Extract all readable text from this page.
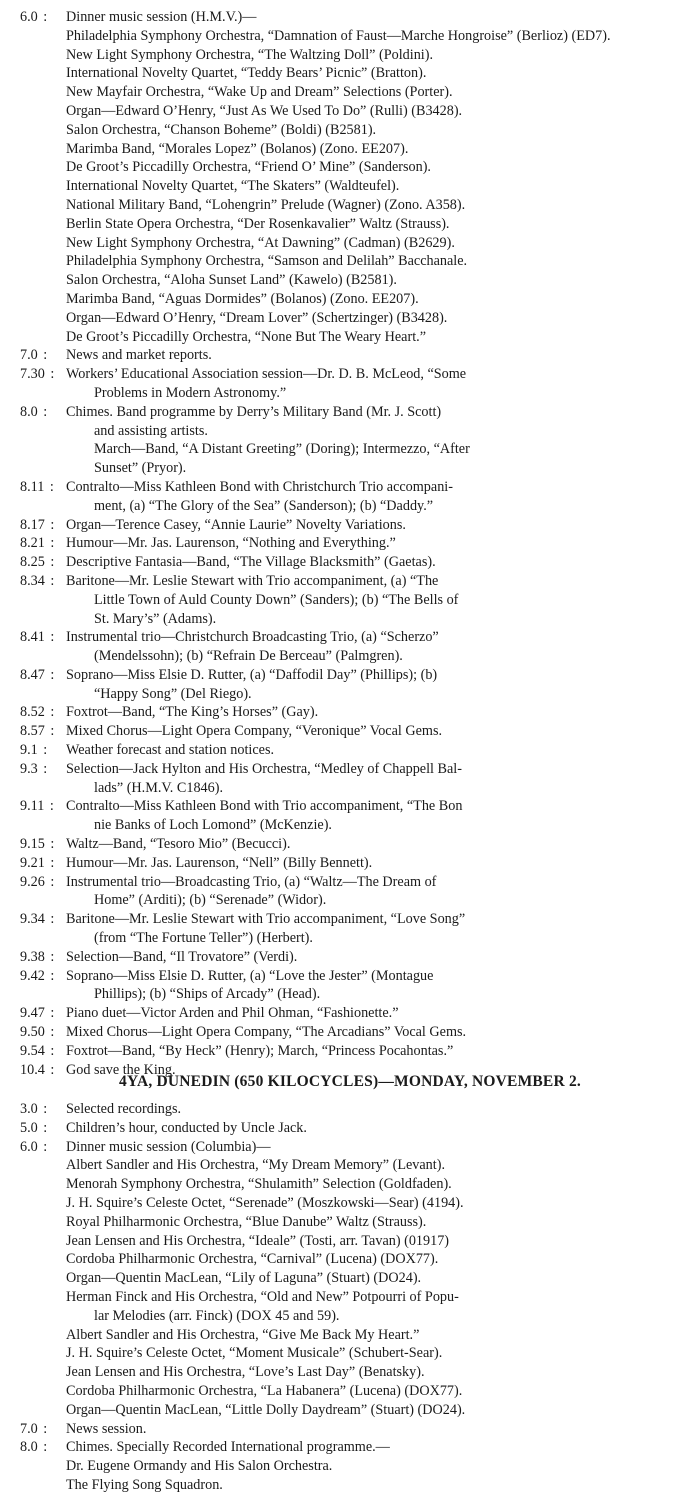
6.0 :	Dinner music session (H.M.V.)—
Philadelphia Symphony Orchestra, “Damnation of Faust—Marche Hongroise” (Berlioz) (ED7).
New Light Symphony Orchestra, “The Waltzing Doll” (Poldini).
International Novelty Quartet, “Teddy Bears’ Picnic” (Bratton).
New Mayfair Orchestra, “Wake Up and Dream” Selections (Porter).
Organ—Edward O’Henry, “Just As We Used To Do” (Rulli) (B3428).
Salon Orchestra, “Chanson Boheme” (Boldi) (B2581).
Marimba Band, “Morales Lopez” (Bolanos) (Zono. EE207).
De Groot’s Piccadilly Orchestra, “Friend O’ Mine” (Sanderson).
International Novelty Quartet, “The Skaters” (Waldteufel).
National Military Band, “Lohengrin” Prelude (Wagner) (Zono. A358).
Berlin State Opera Orchestra, “Der Rosenkavalier” Waltz (Strauss).
New Light Symphony Orchestra, “At Dawning” (Cadman) (B2629).
Philadelphia Symphony Orchestra, “Samson and Delilah” Bacchanale.
Salon Orchestra, “Aloha Sunset Land” (Kawelo) (B2581).
Marimba Band, “Aguas Dormides” (Bolanos) (Zono. EE207).
Organ—Edward O’Henry, “Dream Lover” (Schertzinger) (B3428).
De Groot’s Piccadilly Orchestra, “None But The Weary Heart.”
7.0 :	News and market reports.
7.30 : Workers’ Educational Association session—Dr. D. B. McLeod, “Some
Problems in Modern Astronomy.”
8.0 :	Chimes. Band programme by Derry’s Military Band (Mr. J. Scott)
and assisting artists.
March—Band, “A Distant Greeting” (Doring); Intermezzo, “After
Sunset” (Pryor).
8.11 : Contralto—Miss Kathleen Bond with Christchurch Trio accompani-
ment, (a) “The Glory of the Sea” (Sanderson); (b) “Daddy.”
8.17 : Organ—Terence Casey, “Annie Laurie” Novelty Variations.
8.21 : Humour—Mr. Jas. Laurenson, “Nothing and Everything.”
8.25 : Descriptive Fantasia—Band, “The Village Blacksmith” (Gaetas).
8.34 : Baritone—Mr. Leslie Stewart with Trio accompaniment, (a) “The
Little Town of Auld County Down” (Sanders); (b) “The Bells of
St. Mary’s” (Adams).
8.41 : Instrumental trio—Christchurch Broadcasting Trio, (a) “Scherzo”
(Mendelssohn); (b) “Refrain De Berceau” (Palmgren).
8.47 : Soprano—Miss Elsie D. Rutter, (a) “Daffodil Day” (Phillips); (b)
“Happy Song” (Del Riego).
8.52 : Foxtrot—Band, “The King’s Horses” (Gay).
8.57 : Mixed Chorus—Light Opera Company, “Veronique” Vocal Gems.
9.1 :	Weather forecast and station notices.
9.3 :	Selection—Jack Hylton and His Orchestra, “Medley of Chappell Bal-
lads” (H.M.V. C1846).
9.11 : Contralto—Miss Kathleen Bond with Trio accompaniment, “The Bon
nie Banks of Loch Lomond” (McKenzie).
9.15 : Waltz—Band, “Tesoro Mio” (Becucci).
9.21 : Humour—Mr. Jas. Laurenson, “Nell” (Billy Bennett).
9.26 : Instrumental trio—Broadcasting Trio, (a) “Waltz—The Dream of
Home” (Arditi); (b) “Serenade” (Widor).
9.34 : Baritone—Mr. Leslie Stewart with Trio accompaniment, “Love Song”
(from “The Fortune Teller”) (Herbert).
9.38 : Selection—Band, “Il Trovatore” (Verdi).
9.42 : Soprano—Miss Elsie D. Rutter, (a) “Love the Jester” (Montague
Phillips); (b) “Ships of Arcady” (Head).
9.47 : Piano duet—Victor Arden and Phil Ohman, “Fashionette.”
9.50 : Mixed Chorus—Light Opera Company, “The Arcadians” Vocal Gems.
9.54 : Foxtrot—Band, “By Heck” (Henry); March, “Princess Pocahontas.”
10.4 : God save the King.
4YA, DUNEDIN (650 KILOCYCLES)—MONDAY, NOVEMBER 2.
3.0 :	Selected recordings.
5.0 :	Children’s hour, conducted by Uncle Jack.
6.0 :	Dinner music session (Columbia)—
Albert Sandler and His Orchestra, “My Dream Memory” (Levant).
Menorah Symphony Orchestra, “Shulamith” Selection (Goldfaden).
J. H. Squire’s Celeste Octet, “Serenade” (Moszkowski—Sear) (4194).
Royal Philharmonic Orchestra, “Blue Danube” Waltz (Strauss).
Jean Lensen and His Orchestra, “Ideale” (Tosti, arr. Tavan) (01917)
Cordoba Philharmonic Orchestra, “Carnival” (Lucena) (DOX77).
Organ—Quentin MacLean, “Lily of Laguna” (Stuart) (DO24).
Herman Finck and His Orchestra, “Old and New” Potpourri of Popu-
lar Melodies (arr. Finck) (DOX 45 and 59).
Albert Sandler and His Orchestra, “Give Me Back My Heart.”
J. H. Squire’s Celeste Octet, “Moment Musicale” (Schubert-Sear).
Jean Lensen and His Orchestra, “Love’s Last Day” (Benatsky).
Cordoba Philharmonic Orchestra, “La Habanera” (Lucena) (DOX77).
Organ—Quentin MacLean, “Little Dolly Daydream” (Stuart) (DO24).
7.0 :	News session.
8.0 :	Chimes. Specially Recorded International programme.—
Dr. Eugene Ormandy and His Salon Orchestra.
The Flying Song Squadron.
